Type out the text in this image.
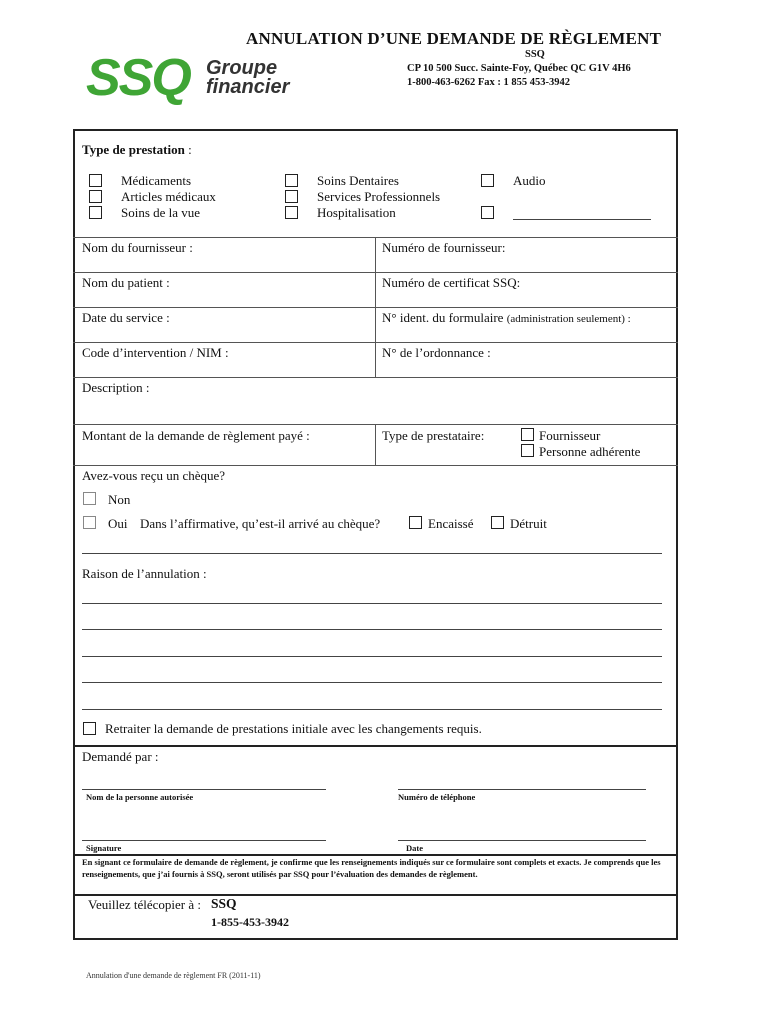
SSQ Groupe
financier
ANNULATION D’UNE DEMANDE DE RÈGLEMENT
SSQ
CP 10 500 Succ. Sainte-Foy, Québec QC G1V 4H6
1-800-463-6262 Fax : 1 855 453-3942
Type de prestation :
Médicaments
Articles médicaux
Soins de la vue
Soins Dentaires
Services Professionnels
Hospitalisation
Audio
Nom du fournisseur :	Numéro de fournisseur:
Nom du patient :	Numéro de certificat SSQ:
Date du service :	N° ident. du formulaire (administration seulement) :
Code d’intervention / NIM :	N° de l’ordonnance :
Description :
Montant de la demande de règlement payé :	Type de prestataire:	Fournisseur
Personne adhérente
Avez-vous reçu un chèque?
Non
Oui Dans l’affirmative, qu’est-il arrivé au chèque?	Encaissé	Détruit
Raison de l’annulation :
Retraiter la demande de prestations initiale avec les changements requis.
Demandé par :
Nom de la personne autorisée	Numéro de téléphone
Signature	Date
En signant ce formulaire de demande de règlement, je confirme que les renseignements indiqués sur ce formulaire sont complets et exacts. Je comprends que les renseignements, que j’ai fournis à SSQ, seront utilisés par SSQ pour l’évaluation des demandes de règlement.
Veuillez télécopier à : SSQ
1-855-453-3942
Annulation d'une demande de règlement FR (2011-11)
